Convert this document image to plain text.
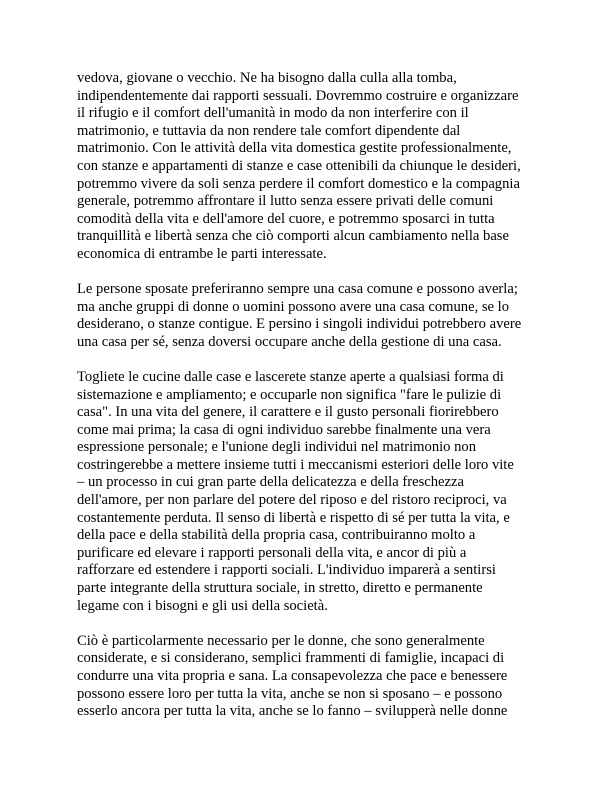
vedova, giovane o vecchio. Ne ha bisogno dalla culla alla tomba,
indipendentemente dai rapporti sessuali. Dovremmo costruire e organizzare
il rifugio e il comfort dell'umanità in modo da non interferire con il
matrimonio, e tuttavia da non rendere tale comfort dipendente dal
matrimonio. Con le attività della vita domestica gestite professionalmente,
con stanze e appartamenti di stanze e case ottenibili da chiunque le desideri,
potremmo vivere da soli senza perdere il comfort domestico e la compagnia
generale, potremmo affrontare il lutto senza essere privati delle comuni
comodità della vita e dell'amore del cuore, e potremmo sposarci in tutta
tranquillità e libertà senza che ciò comporti alcun cambiamento nella base
economica di entrambe le parti interessate.

Le persone sposate preferiranno sempre una casa comune e possono averla;
ma anche gruppi di donne o uomini possono avere una casa comune, se lo
desiderano, o stanze contigue. E persino i singoli individui potrebbero avere
una casa per sé, senza doversi occupare anche della gestione di una casa.

Togliete le cucine dalle case e lascerete stanze aperte a qualsiasi forma di
sistemazione e ampliamento; e occuparle non significa "fare le pulizie di
casa". In una vita del genere, il carattere e il gusto personali fiorirebbero
come mai prima; la casa di ogni individuo sarebbe finalmente una vera
espressione personale; e l'unione degli individui nel matrimonio non
costringerebbe a mettere insieme tutti i meccanismi esteriori delle loro vite
– un processo in cui gran parte della delicatezza e della freschezza
dell'amore, per non parlare del potere del riposo e del ristoro reciproci, va
costantemente perduta. Il senso di libertà e rispetto di sé per tutta la vita, e
della pace e della stabilità della propria casa, contribuiranno molto a
purificare ed elevare i rapporti personali della vita, e ancor di più a
rafforzare ed estendere i rapporti sociali. L'individuo imparerà a sentirsi
parte integrante della struttura sociale, in stretto, diretto e permanente
legame con i bisogni e gli usi della società.

Ciò è particolarmente necessario per le donne, che sono generalmente
considerate, e si considerano, semplici frammenti di famiglie, incapaci di
condurre una vita propria e sana. La consapevolezza che pace e benessere
possono essere loro per tutta la vita, anche se non si sposano – e possono
esserlo ancora per tutta la vita, anche se lo fanno – svilupperà nelle donne
